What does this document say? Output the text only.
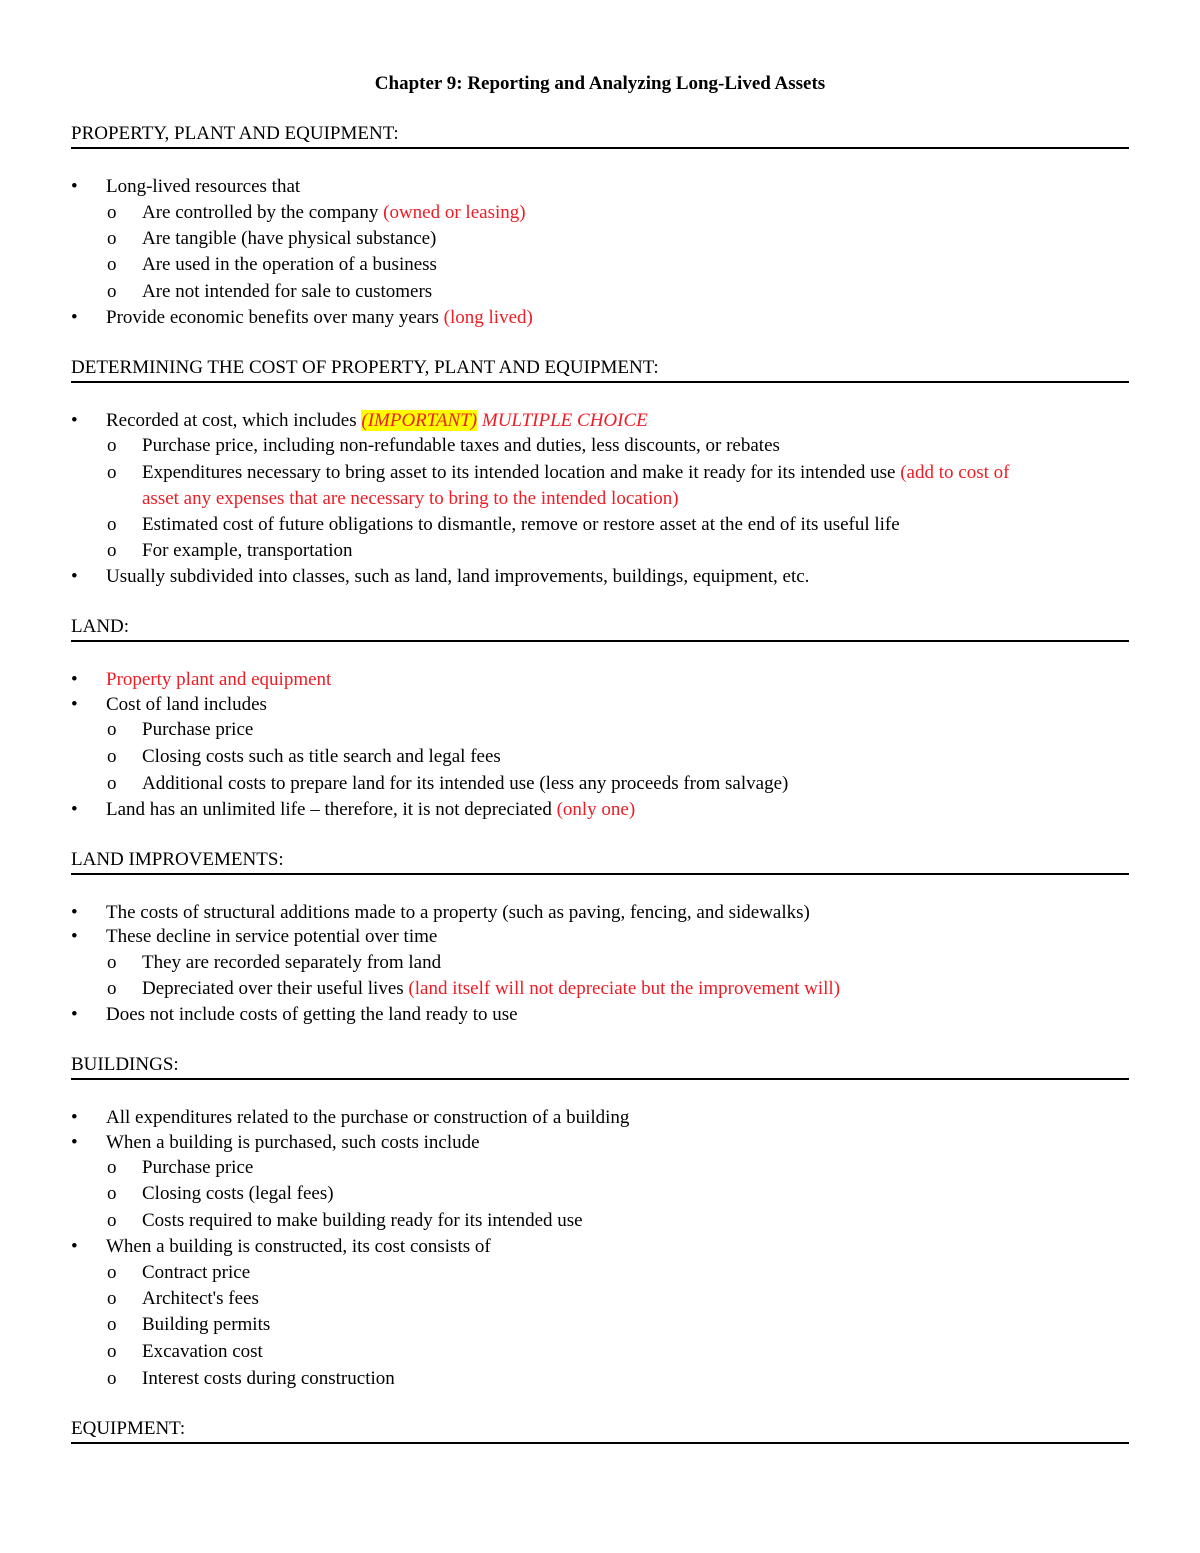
Chapter 9: Reporting and Analyzing Long-Lived Assets
PROPERTY, PLANT AND EQUIPMENT:
• Long-lived resources that
o Are controlled by the company (owned or leasing)
o Are tangible (have physical substance)
o Are used in the operation of a business
o Are not intended for sale to customers
• Provide economic benefits over many years (long lived)
DETERMINING THE COST OF PROPERTY, PLANT AND EQUIPMENT:
• Recorded at cost, which includes (IMPORTANT) MULTIPLE CHOICE
o Purchase price, including non-refundable taxes and duties, less discounts, or rebates
o Expenditures necessary to bring asset to its intended location and make it ready for its intended use (add to cost of
asset any expenses that are necessary to bring to the intended location)
o Estimated cost of future obligations to dismantle, remove or restore asset at the end of its useful life
o For example, transportation
• Usually subdivided into classes, such as land, land improvements, buildings, equipment, etc.
LAND:
• Property plant and equipment
• Cost of land includes
o Purchase price
o Closing costs such as title search and legal fees
o Additional costs to prepare land for its intended use (less any proceeds from salvage)
• Land has an unlimited life – therefore, it is not depreciated (only one)
LAND IMPROVEMENTS:
• The costs of structural additions made to a property (such as paving, fencing, and sidewalks)
• These decline in service potential over time
o They are recorded separately from land
o Depreciated over their useful lives (land itself will not depreciate but the improvement will)
• Does not include costs of getting the land ready to use
BUILDINGS:
• All expenditures related to the purchase or construction of a building
• When a building is purchased, such costs include
o Purchase price
o Closing costs (legal fees)
o Costs required to make building ready for its intended use
• When a building is constructed, its cost consists of
o Contract price
o Architect's fees
o Building permits
o Excavation cost
o Interest costs during construction
EQUIPMENT:
